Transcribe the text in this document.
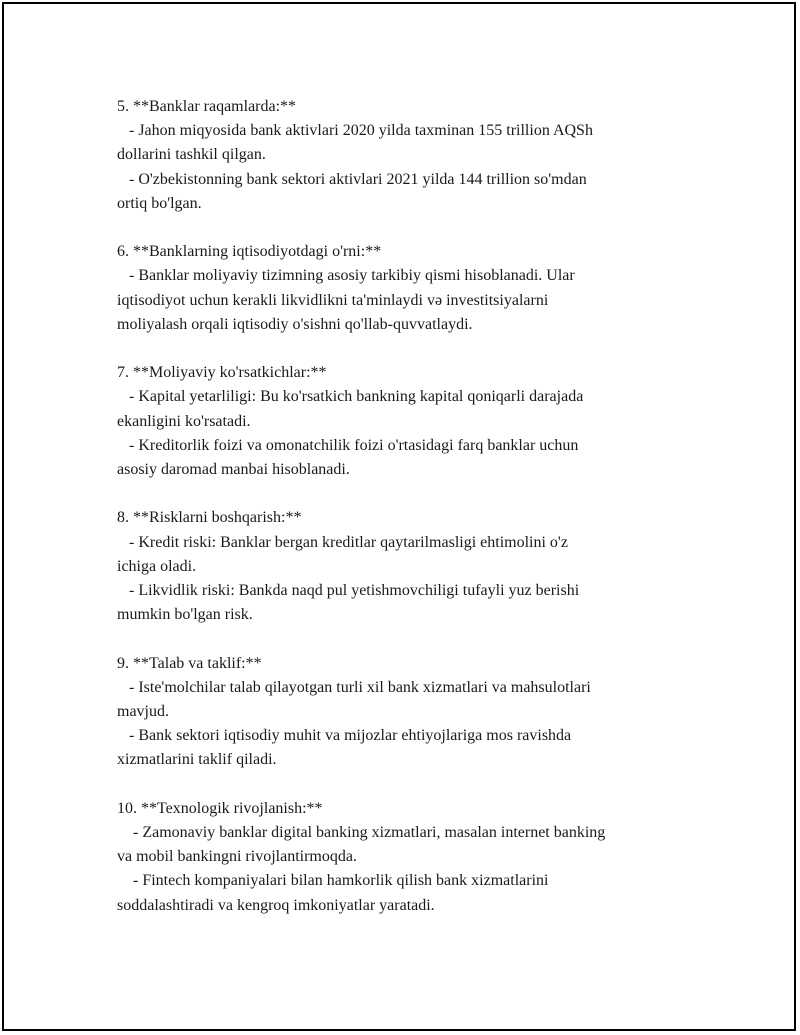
5. **Banklar raqamlarda:**
- Jahon miqyosida bank aktivlari 2020 yilda taxminan 155 trillion AQSh
dollarini tashkil qilgan.
- O'zbekistonning bank sektori aktivlari 2021 yilda 144 trillion so'mdan
ortiq bo'lgan.
6. **Banklarning iqtisodiyotdagi o'rni:**
- Banklar moliyaviy tizimning asosiy tarkibiy qismi hisoblanadi. Ular
iqtisodiyot uchun kerakli likvidlikni ta'minlaydi və investitsiyalarni
moliyalash orqali iqtisodiy o'sishni qo'llab-quvvatlaydi.
7. **Moliyaviy ko'rsatkichlar:**
- Kapital yetarliligi: Bu ko'rsatkich bankning kapital qoniqarli darajada
ekanligini ko'rsatadi.
- Kreditorlik foizi va omonatchilik foizi o'rtasidagi farq banklar uchun
asosiy daromad manbai hisoblanadi.
8. **Risklarni boshqarish:**
- Kredit riski: Banklar bergan kreditlar qaytarilmasligi ehtimolini o'z
ichiga oladi.
- Likvidlik riski: Bankda naqd pul yetishmovchiligi tufayli yuz berishi
mumkin bo'lgan risk.
9. **Talab va taklif:**
- Iste'molchilar talab qilayotgan turli xil bank xizmatlari va mahsulotlari
mavjud.
- Bank sektori iqtisodiy muhit va mijozlar ehtiyojlariga mos ravishda
xizmatlarini taklif qiladi.
10. **Texnologik rivojlanish:**
- Zamonaviy banklar digital banking xizmatlari, masalan internet banking
va mobil bankingni rivojlantirmoqda.
- Fintech kompaniyalari bilan hamkorlik qilish bank xizmatlarini
soddalashtiradi va kengroq imkoniyatlar yaratadi.
